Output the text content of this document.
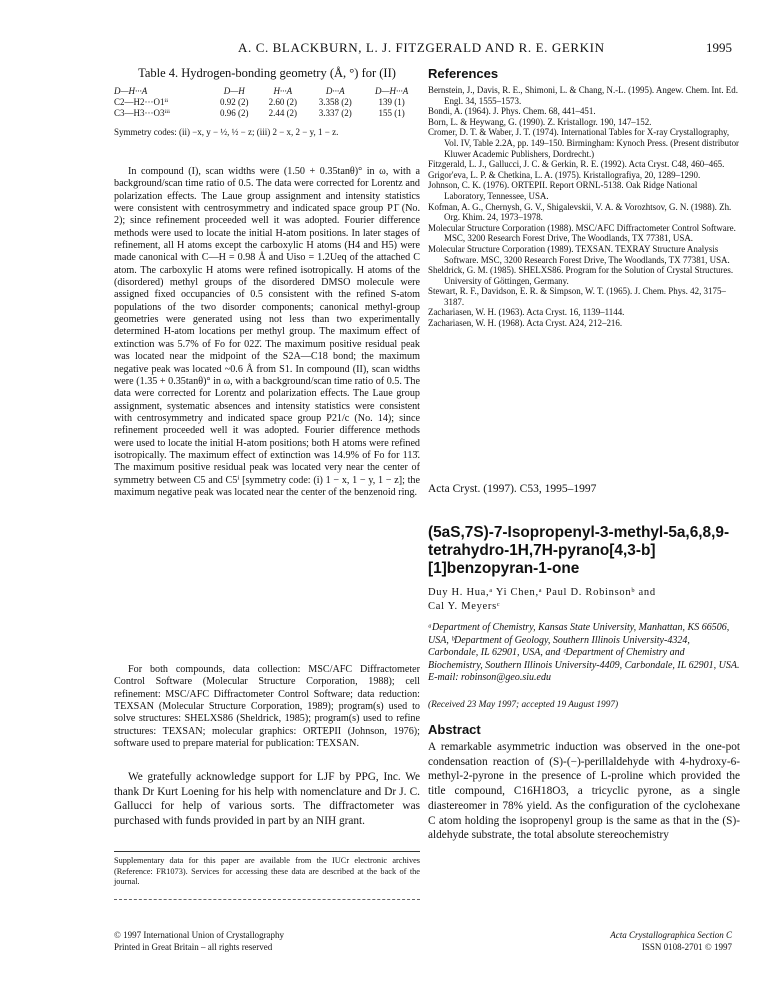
A. C. BLACKBURN, L. J. FITZGERALD AND R. E. GERKIN	1995
Table 4. Hydrogen-bonding geometry (Å, °) for (II)
D—H···A	D—H	H···A	D···A	D—H···A
C2—H2···O1ⁱⁱ	0.92 (2)	2.60 (2)	3.358 (2)	139 (1)
C3—H3···O3ⁱⁱⁱ	0.96 (2)	2.44 (2)	3.337 (2)	155 (1)
Symmetry codes: (ii) −x, y − ½, ½ − z; (iii) 2 − x, 2 − y, 1 − z.

In compound (I), scan widths were (1.50 + 0.35tanθ)° in ω, with a background/scan time ratio of 0.5. The data were corrected for Lorentz and polarization effects. The Laue group assignment and intensity statistics were consistent with centrosymmetry and indicated space group P1̄ (No. 2); since refinement proceeded well it was adopted. Fourier difference methods were used to locate the initial H-atom positions. In later stages of refinement, all H atoms except the carboxylic H atoms (H4 and H5) were made canonical with C—H = 0.98 Å and Uiso = 1.2Ueq of the attached C atom. The carboxylic H atoms were refined isotropically. H atoms of the (disordered) methyl groups of the disordered DMSO molecule were assigned fixed occupancies of 0.5 consistent with the refined S-atom populations of the two disorder components; canonical methyl-group geometries were generated using not less than two experimentally determined H-atom locations per methyl group. The maximum effect of extinction was 5.7% of Fo for 022̄. The maximum positive residual peak was located near the midpoint of the S2A—C18 bond; the maximum negative peak was located ~0.6 Å from S1. In compound (II), scan widths were (1.35 + 0.35tanθ)° in ω, with a background/scan time ratio of 0.5. The data were corrected for Lorentz and polarization effects. The Laue group assignment, systematic absences and intensity statistics were consistent with centrosymmetry and indicated space group P21/c (No. 14); since refinement proceeded well it was adopted. Fourier difference methods were used to locate the initial H-atom positions; both H atoms were refined isotropically. The maximum effect of extinction was 14.9% of Fo for 113̄. The maximum positive residual peak was located very near the center of symmetry between C5 and C5ⁱ [symmetry code: (i) 1 − x, 1 − y, 1 − z]; the maximum negative peak was located near the center of the benzenoid ring.

For both compounds, data collection: MSC/AFC Diffractometer Control Software (Molecular Structure Corporation, 1988); cell refinement: MSC/AFC Diffractometer Control Software; data reduction: TEXSAN (Molecular Structure Corporation, 1989); program(s) used to solve structures: SHELXS86 (Sheldrick, 1985); program(s) used to refine structures: TEXSAN; molecular graphics: ORTEPII (Johnson, 1976); software used to prepare material for publication: TEXSAN.

We gratefully acknowledge support for LJF by PPG, Inc. We thank Dr Kurt Loening for his help with nomenclature and Dr J. C. Gallucci for help of various sorts. The diffractometer was purchased with funds provided in part by an NIH grant.

Supplementary data for this paper are available from the IUCr electronic archives (Reference: FR1073). Services for accessing these data are described at the back of the journal.
© 1997 International Union of Crystallography
Printed in Great Britain – all rights reserved
References

Bernstein, J., Davis, R. E., Shimoni, L. & Chang, N.-L. (1995). Angew. Chem. Int. Ed. Engl. 34, 1555–1573.

Bondi, A. (1964). J. Phys. Chem. 68, 441–451.

Born, L. & Heywang, G. (1990). Z. Kristallogr. 190, 147–152.

Cromer, D. T. & Waber, J. T. (1974). International Tables for X-ray Crystallography, Vol. IV, Table 2.2A, pp. 149–150. Birmingham: Kynoch Press. (Present distributor Kluwer Academic Publishers, Dordrecht.)

Fitzgerald, L. J., Gallucci, J. C. & Gerkin, R. E. (1992). Acta Cryst. C48, 460–465.

Grigor'eva, L. P. & Chetkina, L. A. (1975). Kristallografiya, 20, 1289–1290.

Johnson, C. K. (1976). ORTEPII. Report ORNL-5138. Oak Ridge National Laboratory, Tennessee, USA.

Kofman, A. G., Chernysh, G. V., Shigalevskii, V. A. & Vorozhtsov, G. N. (1988). Zh. Org. Khim. 24, 1973–1978.

Molecular Structure Corporation (1988). MSC/AFC Diffractometer Control Software. MSC, 3200 Research Forest Drive, The Woodlands, TX 77381, USA.

Molecular Structure Corporation (1989). TEXSAN. TEXRAY Structure Analysis Software. MSC, 3200 Research Forest Drive, The Woodlands, TX 77381, USA.

Sheldrick, G. M. (1985). SHELXS86. Program for the Solution of Crystal Structures. University of Göttingen, Germany.

Stewart, R. F., Davidson, E. R. & Simpson, W. T. (1965). J. Chem. Phys. 42, 3175–3187.

Zachariasen, W. H. (1963). Acta Cryst. 16, 1139–1144.

Zachariasen, W. H. (1968). Acta Cryst. A24, 212–216.

Acta Cryst. (1997). C53, 1995–1997
(5aS,7S)-7-Isopropenyl-3-methyl-5a,6,8,9-tetrahydro-1H,7H-pyrano[4,3-b][1]benzopyran-1-one
Duy H. Hua,ᵃ Yi Chen,ᵃ Paul D. Robinsonᵇ and
Cal Y. Meyersᶜ
ᵃDepartment of Chemistry, Kansas State University, Manhattan, KS 66506, USA, ᵇDepartment of Geology, Southern Illinois University-4324, Carbondale, IL 62901, USA, and ᶜDepartment of Chemistry and Biochemistry, Southern Illinois University-4409, Carbondale, IL 62901, USA. E-mail: robinson@geo.siu.edu
(Received 23 May 1997; accepted 19 August 1997)
Abstract
A remarkable asymmetric induction was observed in the one-pot condensation reaction of (S)-(−)-perillaldehyde with 4-hydroxy-6-methyl-2-pyrone in the presence of L-proline which provided the title compound, C16H18O3, a tricyclic pyrone, as a single diastereomer in 78% yield. As the configuration of the cyclohexane C atom holding the isopropenyl group is the same as that in the (S)-aldehyde substrate, the total absolute stereochemistry
Acta Crystallographica Section C
ISSN 0108-2701 © 1997
